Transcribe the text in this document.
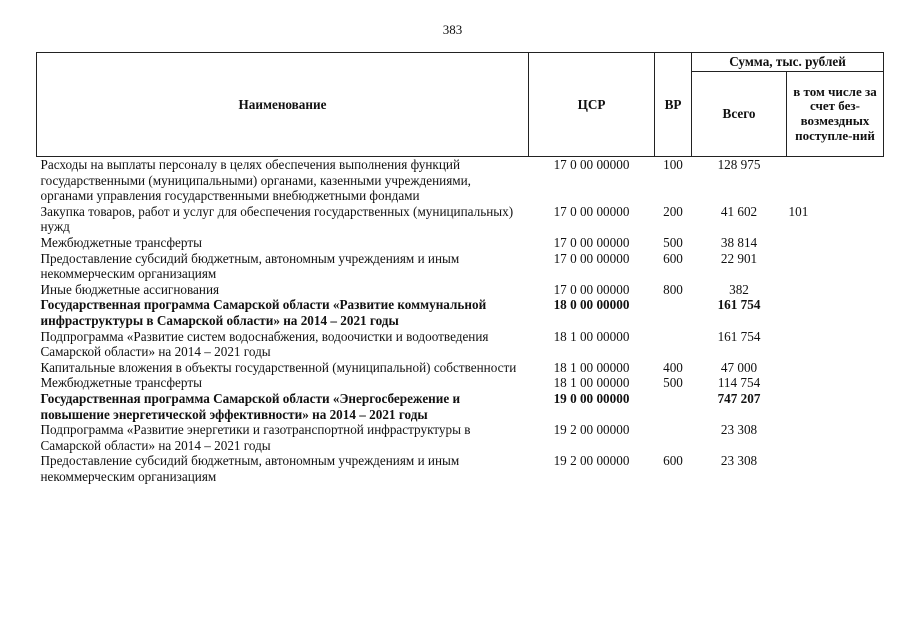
383
Наименование	ЦСР	ВР	Сумма, тыс. рублей	
			Всего	в том числе за счет без-возмездных поступле-ний
Расходы на выплаты персоналу в целях обеспечения выполнения функций государственными (муниципальными) органами, казенными учреждениями, органами управления государственными внебюджетными фондами	17 0 00 00000	100	128 975	
Закупка товаров, работ и услуг для обеспечения государственных (муниципальных) нужд	17 0 00 00000	200	41 602	101
Межбюджетные трансферты	17 0 00 00000	500	38 814	
Предоставление субсидий бюджетным, автономным учреждениям и иным некоммерческим организациям	17 0 00 00000	600	22 901	
Иные бюджетные ассигнования	17 0 00 00000	800	382	
Государственная программа Самарской области «Развитие коммунальной инфраструктуры в Самарской области» на 2014 – 2021 годы	18 0 00 00000		161 754	
Подпрограмма «Развитие систем водоснабжения, водоочистки и водоотведения Самарской области» на 2014 – 2021 годы	18 1 00 00000		161 754	
Капитальные вложения в объекты государственной (муниципальной) собственности	18 1 00 00000	400	47 000	
Межбюджетные трансферты	18 1 00 00000	500	114 754	
Государственная программа Самарской области «Энергосбережение и повышение энергетической эффективности» на 2014 – 2021 годы	19 0 00 00000		747 207	
Подпрограмма «Развитие энергетики и газотранспортной инфраструктуры в Самарской области» на 2014 – 2021 годы	19 2 00 00000		23 308	
Предоставление субсидий бюджетным, автономным учреждениям и иным некоммерческим организациям	19 2 00 00000	600	23 308	
